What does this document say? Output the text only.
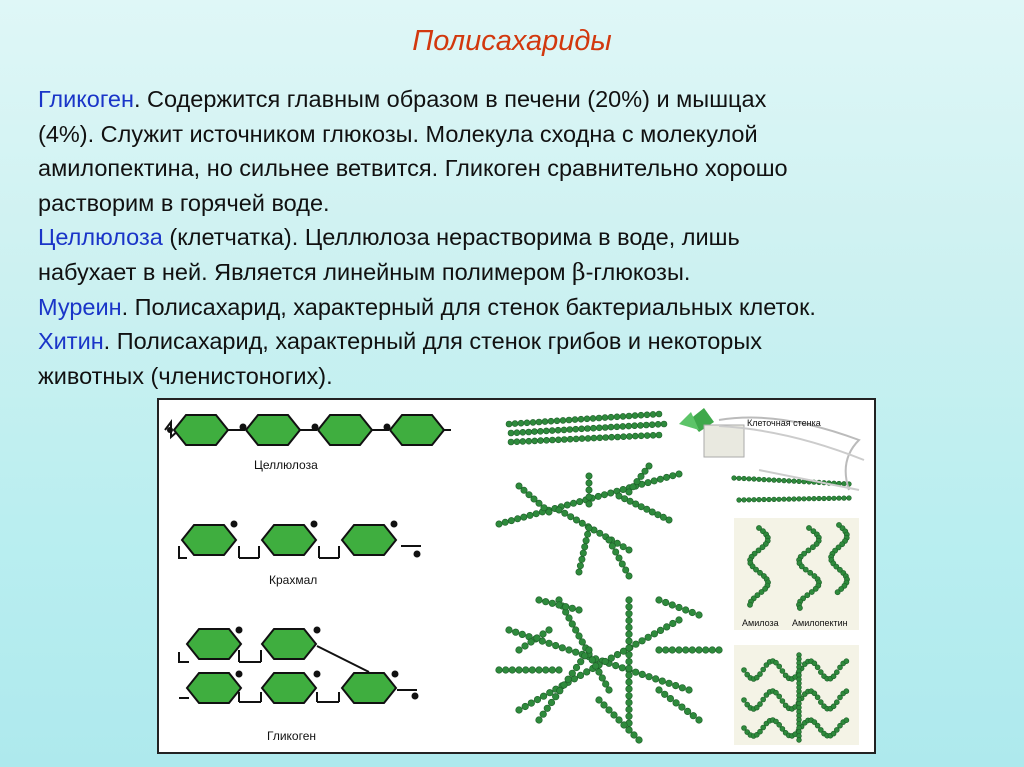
Полисахариды

Гликоген. Содержится главным образом в печени (20%) и мышцах
(4%). Служит источником глюкозы. Молекула сходна с молекулой
амилопектина, но сильнее ветвится. Гликоген сравнительно хорошо
растворим в горячей воде.

Целлюлоза (клетчатка). Целлюлоза нерастворима в воде, лишь
набухает в ней. Является линейным полимером β-глюкозы.

Муреин. Полисахарид, характерный для стенок бактериальных клеток.

Хитин. Полисахарид, характерный для стенок грибов и некоторых
животных (членистоногих).

Целлюлоза
Крахмал
Гликоген
Клеточная стенка
Амилоза Амилопектин
